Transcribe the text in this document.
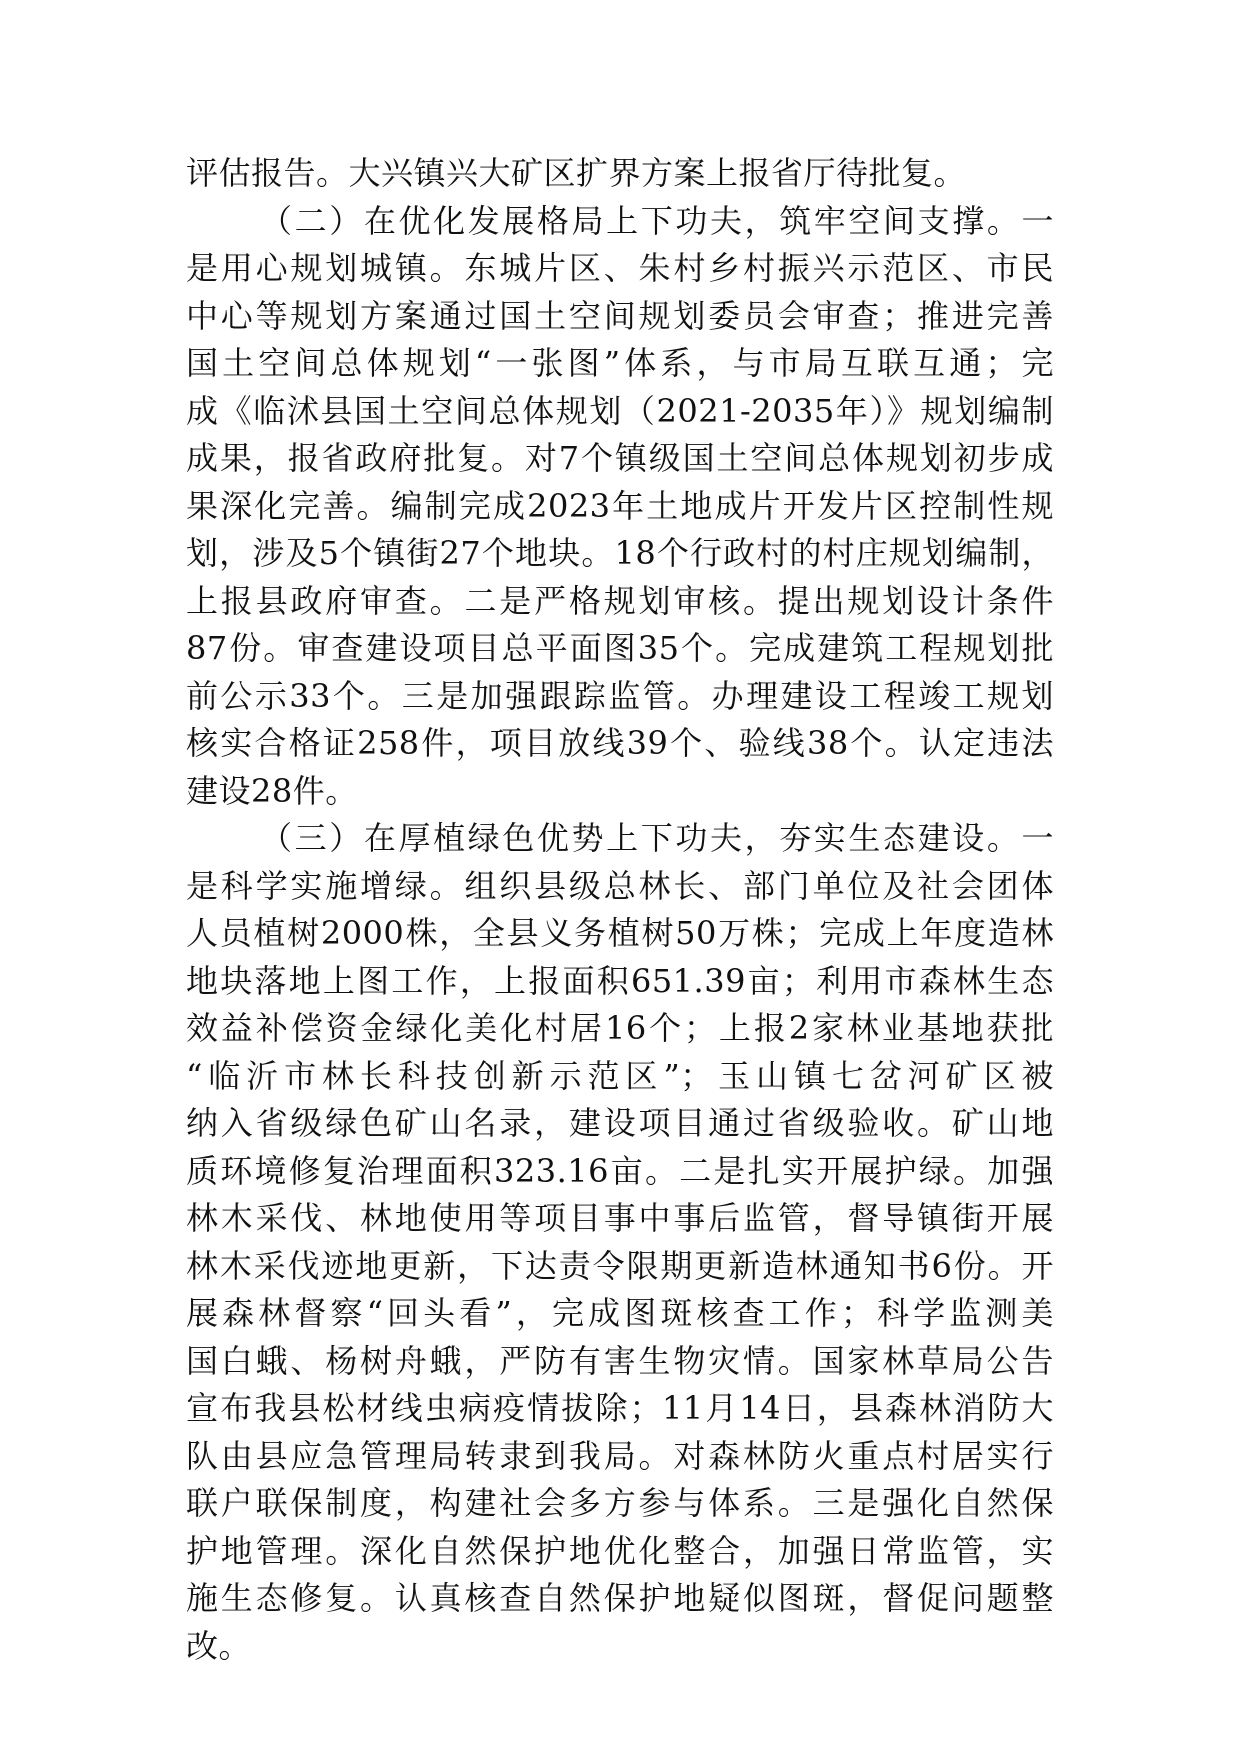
评估报告。大兴镇兴大矿区扩界方案上报省厅待批复。
（二）在优化发展格局上下功夫，筑牢空间支撑。一
是用心规划城镇。东城片区、朱村乡村振兴示范区、市民
中心等规划方案通过国土空间规划委员会审查；推进完善
国土空间总体规划“一张图”体系，与市局互联互通；完
成《临沭县国土空间总体规划（2021-2035年）》规划编制
成果，报省政府批复。对7个镇级国土空间总体规划初步成
果深化完善。编制完成2023年土地成片开发片区控制性规
划，涉及5个镇街27个地块。18个行政村的村庄规划编制，
上报县政府审查。二是严格规划审核。提出规划设计条件
87份。审查建设项目总平面图35个。完成建筑工程规划批
前公示33个。三是加强跟踪监管。办理建设工程竣工规划
核实合格证258件，项目放线39个、验线38个。认定违法
建设28件。
（三）在厚植绿色优势上下功夫，夯实生态建设。一
是科学实施增绿。组织县级总林长、部门单位及社会团体
人员植树2000株，全县义务植树50万株；完成上年度造林
地块落地上图工作，上报面积651.39亩；利用市森林生态
效益补偿资金绿化美化村居16个；上报2家林业基地获批
“临沂市林长科技创新示范区”；玉山镇七岔河矿区被
纳入省级绿色矿山名录，建设项目通过省级验收。矿山地
质环境修复治理面积323.16亩。二是扎实开展护绿。加强
林木采伐、林地使用等项目事中事后监管，督导镇街开展
林木采伐迹地更新，下达责令限期更新造林通知书6份。开
展森林督察“回头看”，完成图斑核查工作；科学监测美
国白蛾、杨树舟蛾，严防有害生物灾情。国家林草局公告
宣布我县松材线虫病疫情拔除；11月14日，县森林消防大
队由县应急管理局转隶到我局。对森林防火重点村居实行
联户联保制度，构建社会多方参与体系。三是强化自然保
护地管理。深化自然保护地优化整合，加强日常监管，实
施生态修复。认真核查自然保护地疑似图斑，督促问题整
改。
